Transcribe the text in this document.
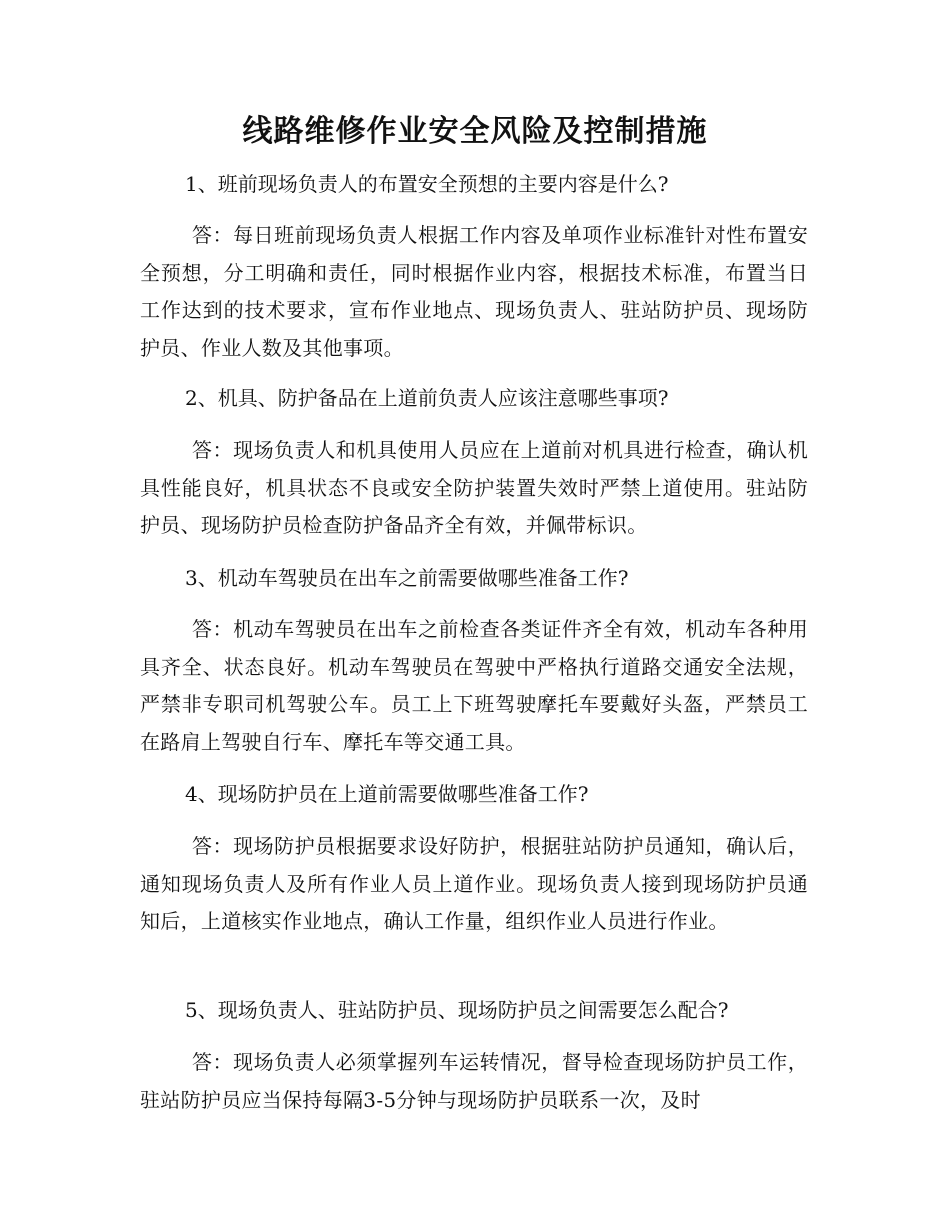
线路维修作业安全风险及控制措施
1、班前现场负责人的布置安全预想的主要内容是什么?
答：每日班前现场负责人根据工作内容及单项作业标准针对性布置安全预想，分工明确和责任，同时根据作业内容，根据技术标准，布置当日工作达到的技术要求，宣布作业地点、现场负责人、驻站防护员、现场防护员、作业人数及其他事项。
2、机具、防护备品在上道前负责人应该注意哪些事项?
答：现场负责人和机具使用人员应在上道前对机具进行检查，确认机具性能良好，机具状态不良或安全防护装置失效时严禁上道使用。驻站防护员、现场防护员检查防护备品齐全有效，并佩带标识。
3、机动车驾驶员在出车之前需要做哪些准备工作?
答：机动车驾驶员在出车之前检查各类证件齐全有效，机动车各种用具齐全、状态良好。机动车驾驶员在驾驶中严格执行道路交通安全法规，严禁非专职司机驾驶公车。员工上下班驾驶摩托车要戴好头盔，严禁员工在路肩上驾驶自行车、摩托车等交通工具。
4、现场防护员在上道前需要做哪些准备工作?
答：现场防护员根据要求设好防护，根据驻站防护员通知，确认后，通知现场负责人及所有作业人员上道作业。现场负责人接到现场防护员通知后，上道核实作业地点，确认工作量，组织作业人员进行作业。
5、现场负责人、驻站防护员、现场防护员之间需要怎么配合?
答：现场负责人必须掌握列车运转情况，督导检查现场防护员工作，驻站防护员应当保持每隔3-5分钟与现场防护员联系一次，及时
